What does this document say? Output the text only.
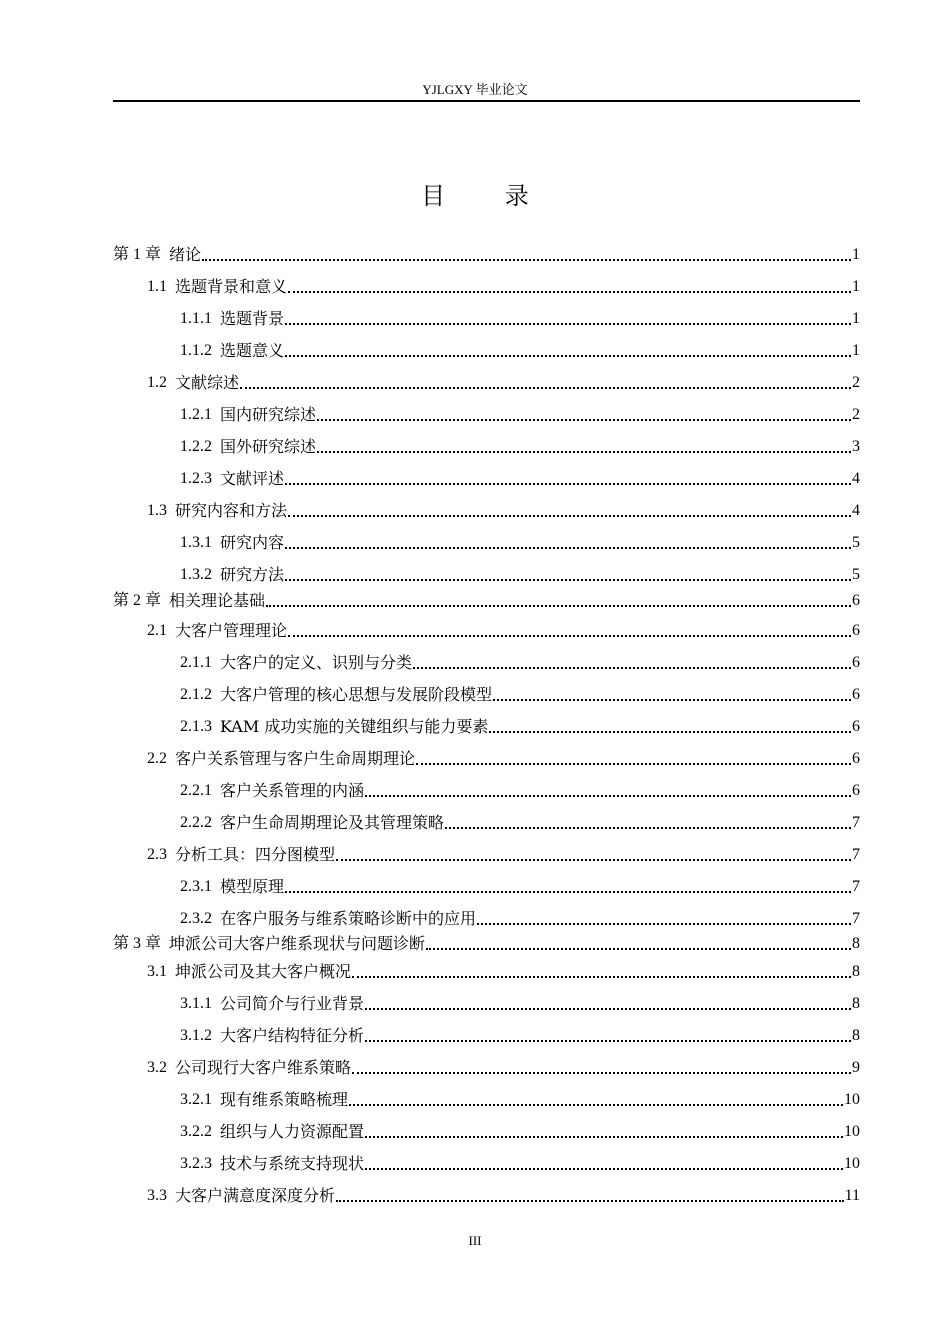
YJLGXY 毕业论文
目 录
第 1 章 绪论	1
1.1 选题背景和意义	1
1.1.1 选题背景	1
1.1.2 选题意义	1
1.2 文献综述	2
1.2.1 国内研究综述	2
1.2.2 国外研究综述	3
1.2.3 文献评述	4
1.3 研究内容和方法	4
1.3.1 研究内容	5
1.3.2 研究方法	5
第 2 章 相关理论基础	6
2.1 大客户管理理论	6
2.1.1 大客户的定义、识别与分类	6
2.1.2 大客户管理的核心思想与发展阶段模型	6
2.1.3 KAM 成功实施的关键组织与能力要素	6
2.2 客户关系管理与客户生命周期理论	6
2.2.1 客户关系管理的内涵	6
2.2.2 客户生命周期理论及其管理策略	7
2.3 分析工具：四分图模型	7
2.3.1 模型原理	7
2.3.2 在客户服务与维系策略诊断中的应用	7
第 3 章 坤派公司大客户维系现状与问题诊断	8
3.1 坤派公司及其大客户概况	8
3.1.1 公司简介与行业背景	8
3.1.2 大客户结构特征分析	8
3.2 公司现行大客户维系策略	9
3.2.1 现有维系策略梳理	10
3.2.2 组织与人力资源配置	10
3.2.3 技术与系统支持现状	10
3.3 大客户满意度深度分析	11
III
